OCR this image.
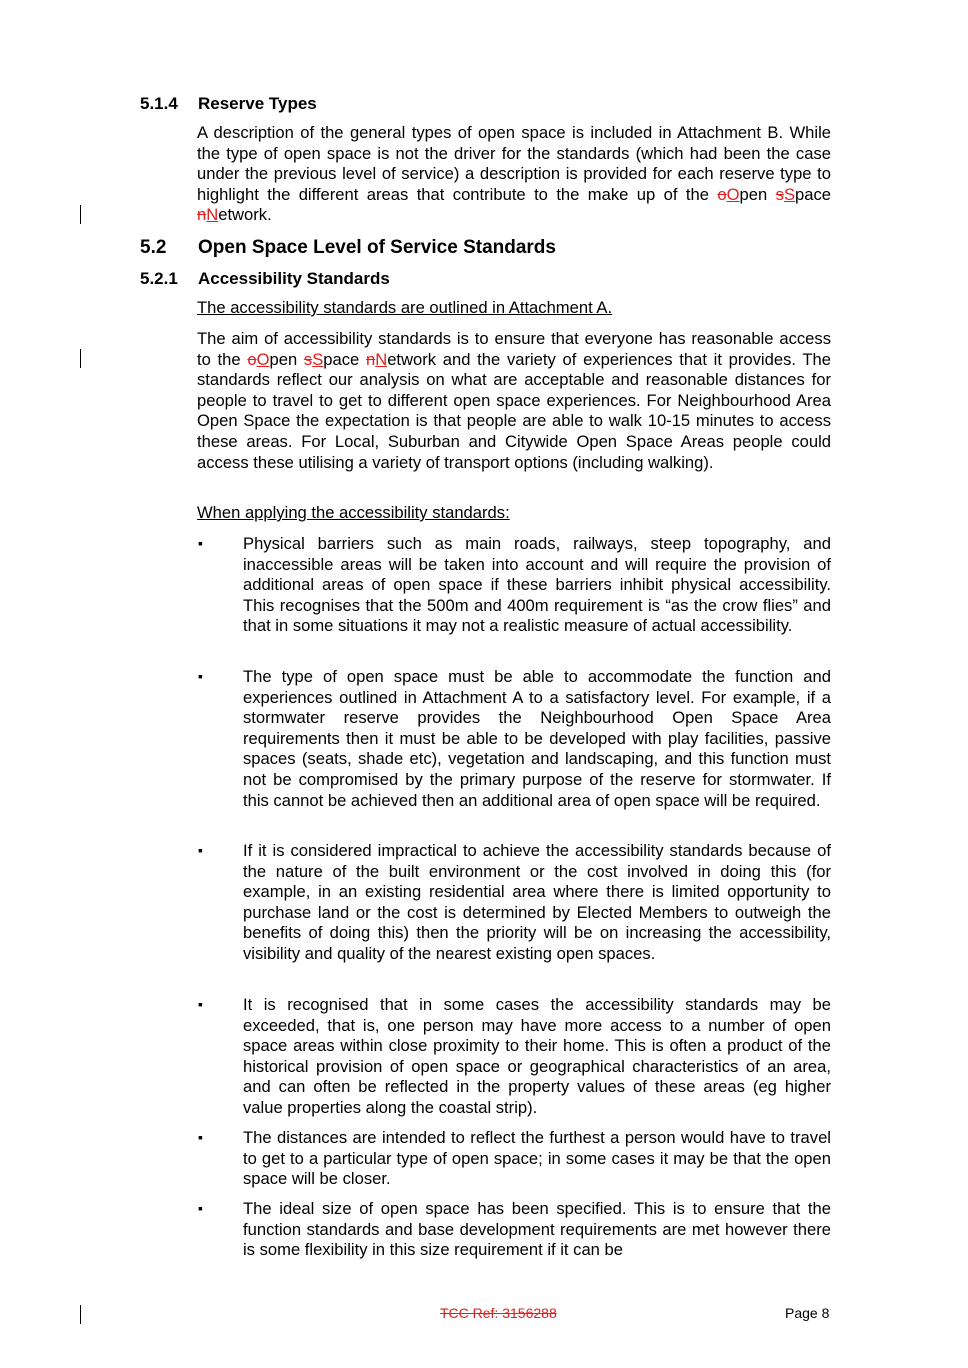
5.1.4 Reserve Types
A description of the general types of open space is included in Attachment B. While the type of open space is not the driver for the standards (which had been the case under the previous level of service) a description is provided for each reserve type to highlight the different areas that contribute to the make up of the oOpen sSpace nNetwork.
5.2 Open Space Level of Service Standards
5.2.1 Accessibility Standards
The accessibility standards are outlined in Attachment A.
The aim of accessibility standards is to ensure that everyone has reasonable access to the oOpen sSpace nNetwork and the variety of experiences that it provides. The standards reflect our analysis on what are acceptable and reasonable distances for people to travel to get to different open space experiences. For Neighbourhood Area Open Space the expectation is that people are able to walk 10-15 minutes to access these areas. For Local, Suburban and Citywide Open Space Areas people could access these utilising a variety of transport options (including walking).
When applying the accessibility standards:
▪ Physical barriers such as main roads, railways, steep topography, and inaccessible areas will be taken into account and will require the provision of additional areas of open space if these barriers inhibit physical accessibility. This recognises that the 500m and 400m requirement is “as the crow flies” and that in some situations it may not a realistic measure of actual accessibility.
▪ The type of open space must be able to accommodate the function and experiences outlined in Attachment A to a satisfactory level. For example, if a stormwater reserve provides the Neighbourhood Open Space Area requirements then it must be able to be developed with play facilities, passive spaces (seats, shade etc), vegetation and landscaping, and this function must not be compromised by the primary purpose of the reserve for stormwater. If this cannot be achieved then an additional area of open space will be required.
▪ If it is considered impractical to achieve the accessibility standards because of the nature of the built environment or the cost involved in doing this (for example, in an existing residential area where there is limited opportunity to purchase land or the cost is determined by Elected Members to outweigh the benefits of doing this) then the priority will be on increasing the accessibility, visibility and quality of the nearest existing open spaces.
▪ It is recognised that in some cases the accessibility standards may be exceeded, that is, one person may have more access to a number of open space areas within close proximity to their home. This is often a product of the historical provision of open space or geographical characteristics of an area, and can often be reflected in the property values of these areas (eg higher value properties along the coastal strip).
▪ The distances are intended to reflect the furthest a person would have to travel to get to a particular type of open space; in some cases it may be that the open space will be closer.
▪ The ideal size of open space has been specified. This is to ensure that the function standards and base development requirements are met however there is some flexibility in this size requirement if it can be
TCC Ref: 3156288	Page 8
